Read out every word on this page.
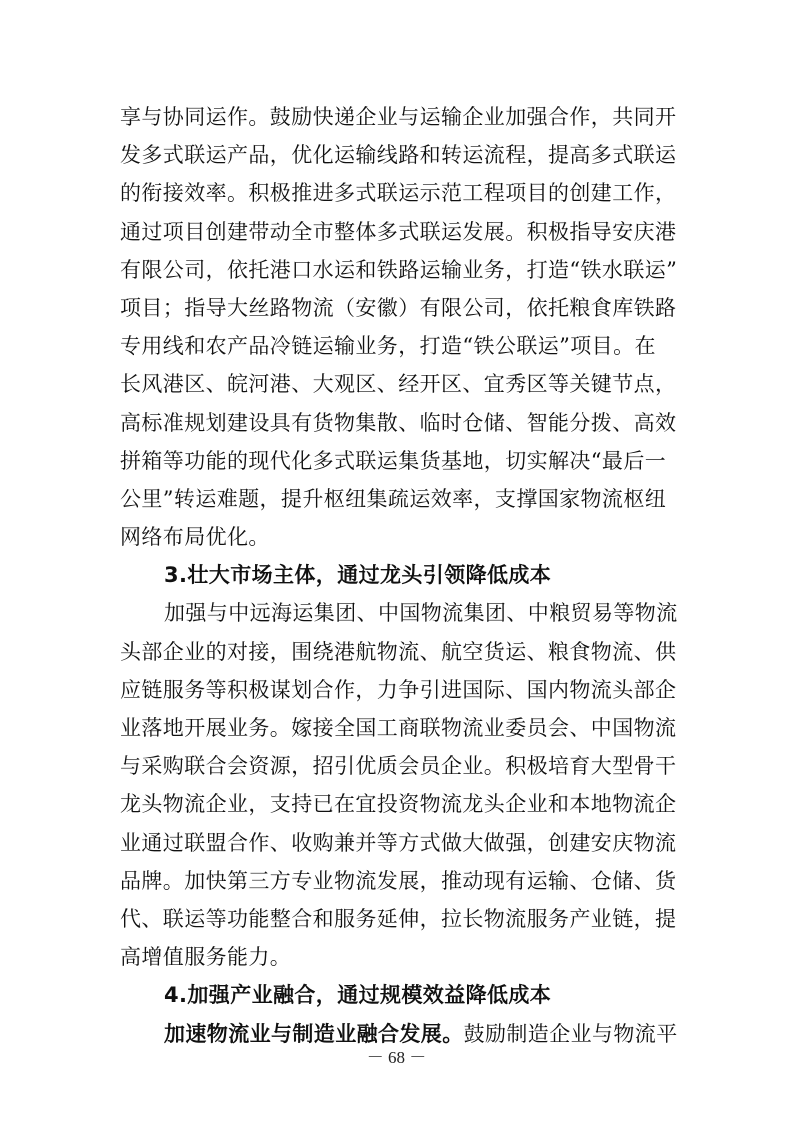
享与协同运作。鼓励快递企业与运输企业加强合作，共同开
发多式联运产品，优化运输线路和转运流程，提高多式联运
的衔接效率。积极推进多式联运示范工程项目的创建工作，
通过项目创建带动全市整体多式联运发展。积极指导安庆港
有限公司，依托港口水运和铁路运输业务，打造“铁水联运”
项目；指导大丝路物流（安徽）有限公司，依托粮食库铁路
专用线和农产品冷链运输业务，打造“铁公联运”项目。在
长风港区、皖河港、大观区、经开区、宜秀区等关键节点，
高标准规划建设具有货物集散、临时仓储、智能分拨、高效
拼箱等功能的现代化多式联运集货基地，切实解决“最后一
公里”转运难题，提升枢纽集疏运效率，支撑国家物流枢纽
网络布局优化。
3.壮大市场主体，通过龙头引领降低成本
加强与中远海运集团、中国物流集团、中粮贸易等物流
头部企业的对接，围绕港航物流、航空货运、粮食物流、供
应链服务等积极谋划合作，力争引进国际、国内物流头部企
业落地开展业务。嫁接全国工商联物流业委员会、中国物流
与采购联合会资源，招引优质会员企业。积极培育大型骨干
龙头物流企业，支持已在宜投资物流龙头企业和本地物流企
业通过联盟合作、收购兼并等方式做大做强，创建安庆物流
品牌。加快第三方专业物流发展，推动现有运输、仓储、货
代、联运等功能整合和服务延伸，拉长物流服务产业链，提
高增值服务能力。
4.加强产业融合，通过规模效益降低成本
加速物流业与制造业融合发展。鼓励制造企业与物流平
－ 68 －
